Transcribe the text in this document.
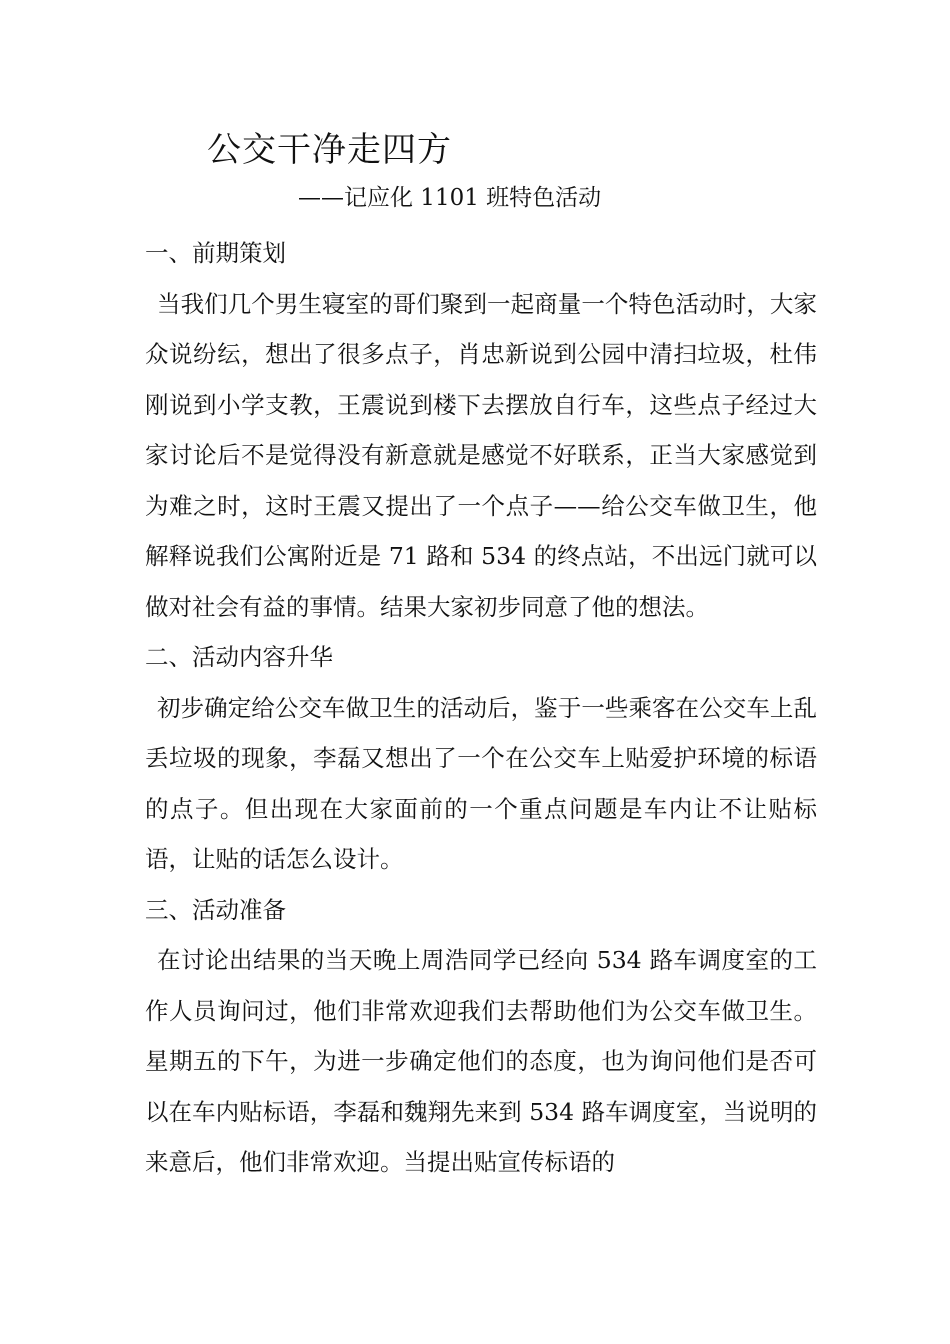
公交干净走四方
——记应化 1101 班特色活动

一、前期策划

当我们几个男生寝室的哥们聚到一起商量一个特色活动时，大家众说纷纭，想出了很多点子，肖忠新说到公园中清扫垃圾，杜伟刚说到小学支教，王震说到楼下去摆放自行车，这些点子经过大家讨论后不是觉得没有新意就是感觉不好联系，正当大家感觉到为难之时，这时王震又提出了一个点子——给公交车做卫生，他解释说我们公寓附近是 71 路和 534 的终点站，不出远门就可以做对社会有益的事情。结果大家初步同意了他的想法。

二、活动内容升华

初步确定给公交车做卫生的活动后，鉴于一些乘客在公交车上乱丢垃圾的现象，李磊又想出了一个在公交车上贴爱护环境的标语的点子。但出现在大家面前的一个重点问题是车内让不让贴标语，让贴的话怎么设计。

三、活动准备

在讨论出结果的当天晚上周浩同学已经向 534 路车调度室的工作人员询问过，他们非常欢迎我们去帮助他们为公交车做卫生。星期五的下午，为进一步确定他们的态度，也为询问他们是否可以在车内贴标语，李磊和魏翔先来到 534 路车调度室，当说明的来意后，他们非常欢迎。当提出贴宣传标语的
